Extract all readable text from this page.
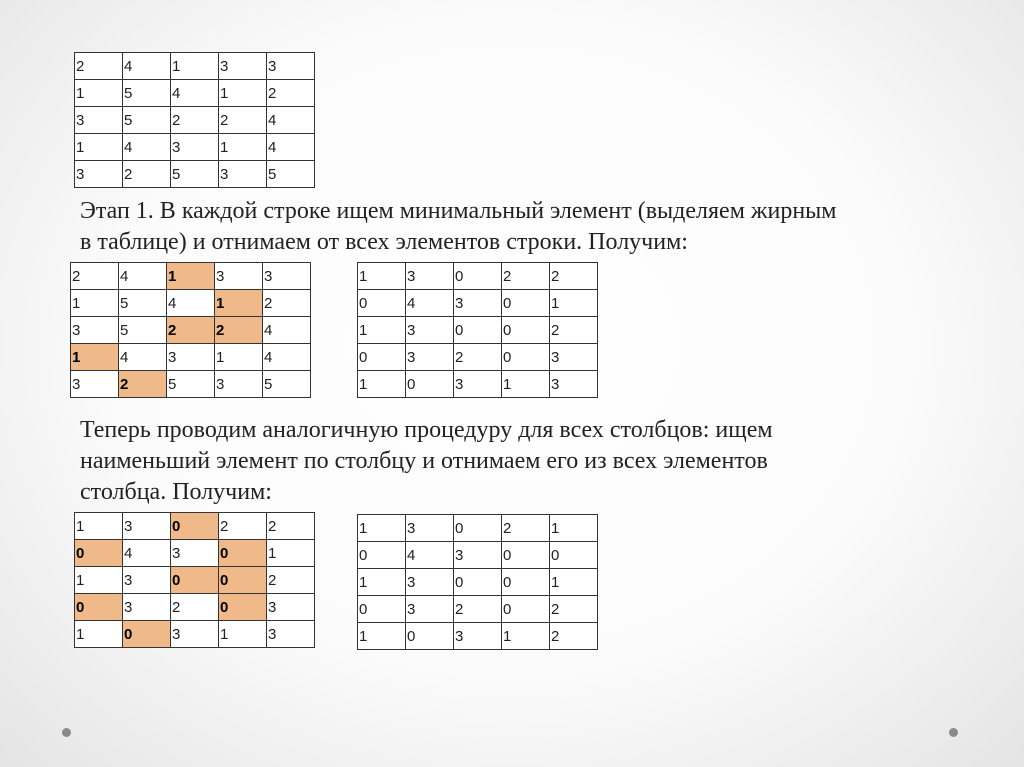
2	4	1	3	3
1	5	4	1	2
3	5	2	2	4
1	4	3	1	4
3	2	5	3	5

Этап 1. В каждой строке ищем минимальный элемент (выделяем жирным
в таблице) и отнимаем от всех элементов строки. Получим:

2	4	1	3	3
1	5	4	1	2
3	5	2	2	4
1	4	3	1	4
3	2	5	3	5
1	3	0	2	2
0	4	3	0	1
1	3	0	0	2
0	3	2	0	3
1	0	3	1	3

Теперь проводим аналогичную процедуру для всех столбцов: ищем
наименьший элемент по столбцу и отнимаем его из всех элементов
столбца. Получим:

1	3	0	2	2
0	4	3	0	1
1	3	0	0	2
0	3	2	0	3
1	0	3	1	3
1	3	0	2	1
0	4	3	0	0
1	3	0	0	1
0	3	2	0	2
1	0	3	1	2
